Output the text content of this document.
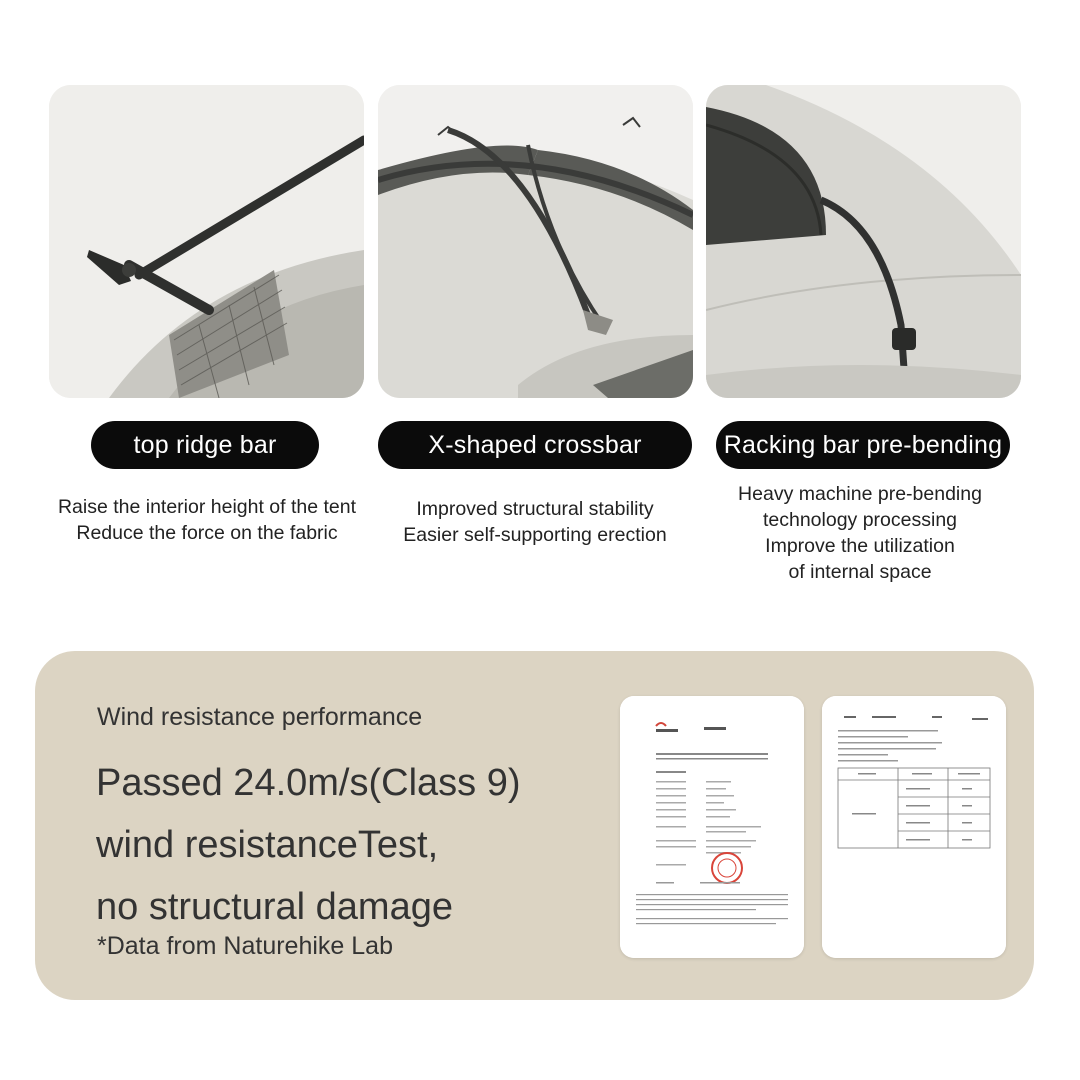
top ridge bar	X-shaped crossbar	Racking bar pre-bending
Raise the interior height of the tent
Reduce the force on the fabric
Improved structural stability
Easier self-supporting erection
Heavy machine pre-bending
technology processing
Improve the utilization
of internal space
Wind resistance performance
Passed 24.0m/s(Class 9)
wind resistanceTest,
no structural damage
*Data from Naturehike Lab
